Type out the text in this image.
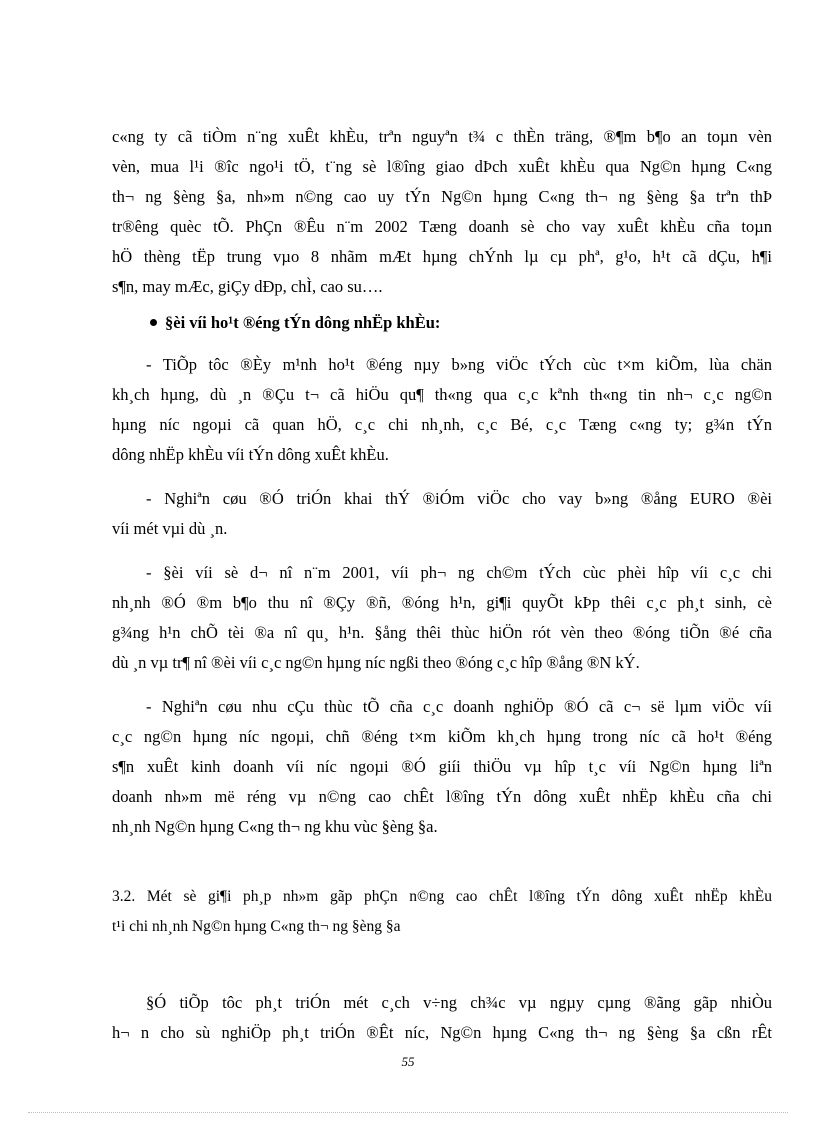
c«ng ty cã tiÒm n¨ng xuÊt khÈu, trªn nguyªn t¾ c thÈn träng, ®¶m b¶o an toµn vèn
vèn, mua l¹i ®îc ngo¹i tÖ, t¨ng sè l®îng giao dÞch xuÊt khÈu qua Ng©n hµng C«ng
th¬ ng §èng §a, nh»m n©ng cao uy tÝn Ng©n hµng C«ng th¬ ng §èng §a trªn thÞ
tr®êng quèc tÕ. PhÇn ®Êu n¨m 2002 Tæng doanh sè cho vay xuÊt khÈu cña toµn
hÖ thèng tËp trung vµo 8 nhãm mÆt hµng chÝnh lµ cµ phª, g¹o, h¹t cã dÇu, h¶i
s¶n, may mÆc, giÇy dÐp, chÌ, cao su….
§èi víi ho¹t ®éng tÝn dông nhËp khÈu:
- TiÕp tôc ®Èy m¹nh ho¹t ®éng nµy b»ng viÖc tÝch cùc t×m kiÕm, lùa chän
kh¸ch hµng, dù ¸n ®Çu t¬ cã hiÖu qu¶ th«ng qua c¸c kªnh th«ng tin nh¬ c¸c ng©n
hµng níc ngoµi cã quan hÖ, c¸c chi nh¸nh, c¸c Bé, c¸c Tæng c«ng ty; g¾n tÝn
dông nhËp khÈu víi tÝn dông xuÊt khÈu.
- Nghiªn cøu ®Ó triÓn khai thÝ ®iÓm viÖc cho vay b»ng ®ång EURO ®èi
víi mét vµi dù ¸n.
- §èi víi sè d¬ nî n¨m 2001, víi ph¬ ng ch©m tÝch cùc phèi hîp víi c¸c chi
nh¸nh ®Ó ®m b¶o thu nî ®Çy ®ñ, ®óng h¹n, gi¶i quyÕt kÞp thêi c¸c ph¸t sinh, cè
g¾ng h¹n chÕ tèi ®a nî qu¸ h¹n. §ång thêi thùc hiÖn rót vèn theo ®óng tiÕn ®é cña
dù ¸n vµ tr¶ nî ®èi víi c¸c ng©n hµng níc ngßi theo ®óng c¸c hîp ®ång ®N kÝ.
- Nghiªn cøu nhu cÇu thùc tÕ cña c¸c doanh nghiÖp ®Ó cã c¬ së lµm viÖc víi
c¸c ng©n hµng níc ngoµi, chñ ®éng t×m kiÕm kh¸ch hµng trong níc cã ho¹t ®éng
s¶n xuÊt kinh doanh víi níc ngoµi ®Ó giíi thiÖu vµ hîp t¸c víi Ng©n hµng liªn
doanh nh»m më réng vµ n©ng cao chÊt l®îng tÝn dông xuÊt nhËp khÈu cña chi
nh¸nh Ng©n hµng C«ng th¬ ng khu vùc §èng §a.
3.2. Mét sè gi¶i ph¸p nh»m gãp phÇn n©ng cao chÊt l®îng tÝn dông xuÊt nhËp khÈu
t¹i chi nh¸nh Ng©n hµng C«ng th¬ ng §èng §a
§Ó tiÕp tôc ph¸t triÓn mét c¸ch v÷ng ch¾c vµ ngµy cµng ®ãng gãp nhiÒu
h¬ n cho sù nghiÖp ph¸t triÓn ®Êt níc, Ng©n hµng C«ng th¬ ng §èng §a cßn rÊt
55
